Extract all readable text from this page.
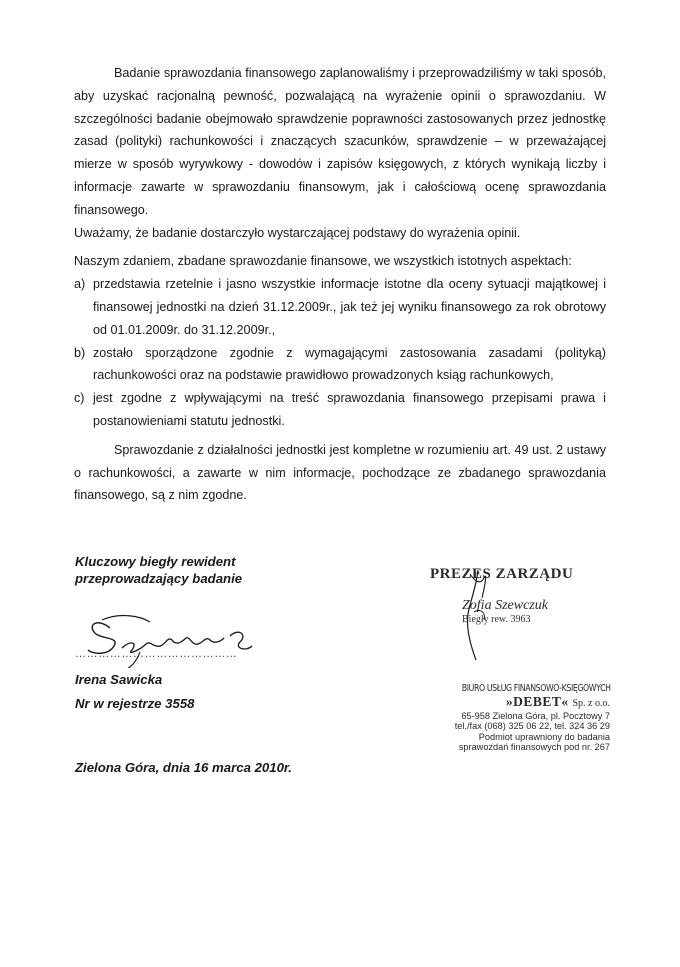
Badanie sprawozdania finansowego zaplanowaliśmy i przeprowadziliśmy w taki sposób, aby uzyskać racjonalną pewność, pozwalającą na wyrażenie opinii o sprawozdaniu. W szczególności badanie obejmowało sprawdzenie poprawności zastosowanych przez jednostkę zasad (polityki) rachunkowości i znaczących szacunków, sprawdzenie – w przeważającej mierze w sposób wyrywkowy - dowodów i zapisów księgowych, z których wynikają liczby i informacje zawarte w sprawozdaniu finansowym, jak i całościową ocenę sprawozdania finansowego.

Uważamy, że badanie dostarczyło wystarczającej podstawy do wyrażenia opinii.

Naszym zdaniem, zbadane sprawozdanie finansowe, we wszystkich istotnych aspektach:

a) przedstawia rzetelnie i jasno wszystkie informacje istotne dla oceny sytuacji majątkowej i finansowej jednostki na dzień 31.12.2009r., jak też jej wyniku finansowego za rok obrotowy od 01.01.2009r. do 31.12.2009r.,
b) zostało sporządzone zgodnie z wymagającymi zastosowania zasadami (polityką) rachunkowości oraz na podstawie prawidłowo prowadzonych ksiąg rachunkowych,
c) jest zgodne z wpływającymi na treść sprawozdania finansowego przepisami prawa i postanowieniami statutu jednostki.

Sprawozdanie z działalności jednostki jest kompletne w rozumieniu art. 49 ust. 2 ustawy o rachunkowości, a zawarte w nim informacje, pochodzące ze zbadanego sprawozdania finansowego, są z nim zgodne.

Kluczowy biegły rewident
przeprowadzający badanie
……………………………………
Irena Sawicka
Nr w rejestrze 3558
Zielona Góra, dnia 16 marca 2010r.
PREZES ZARZĄDU
Zofia Szewczuk
Biegły rew. 3963
BIURO USŁUG FINANSOWO-KSIĘGOWYCH
»DEBET« Sp. z o.o.
65-958 Zielona Góra, pl. Pocztowy 7
tel./fax (068) 325 06 22, tel. 324 36 29
Podmiot uprawniony do badania
sprawozdań finansowych pod nr. 267
